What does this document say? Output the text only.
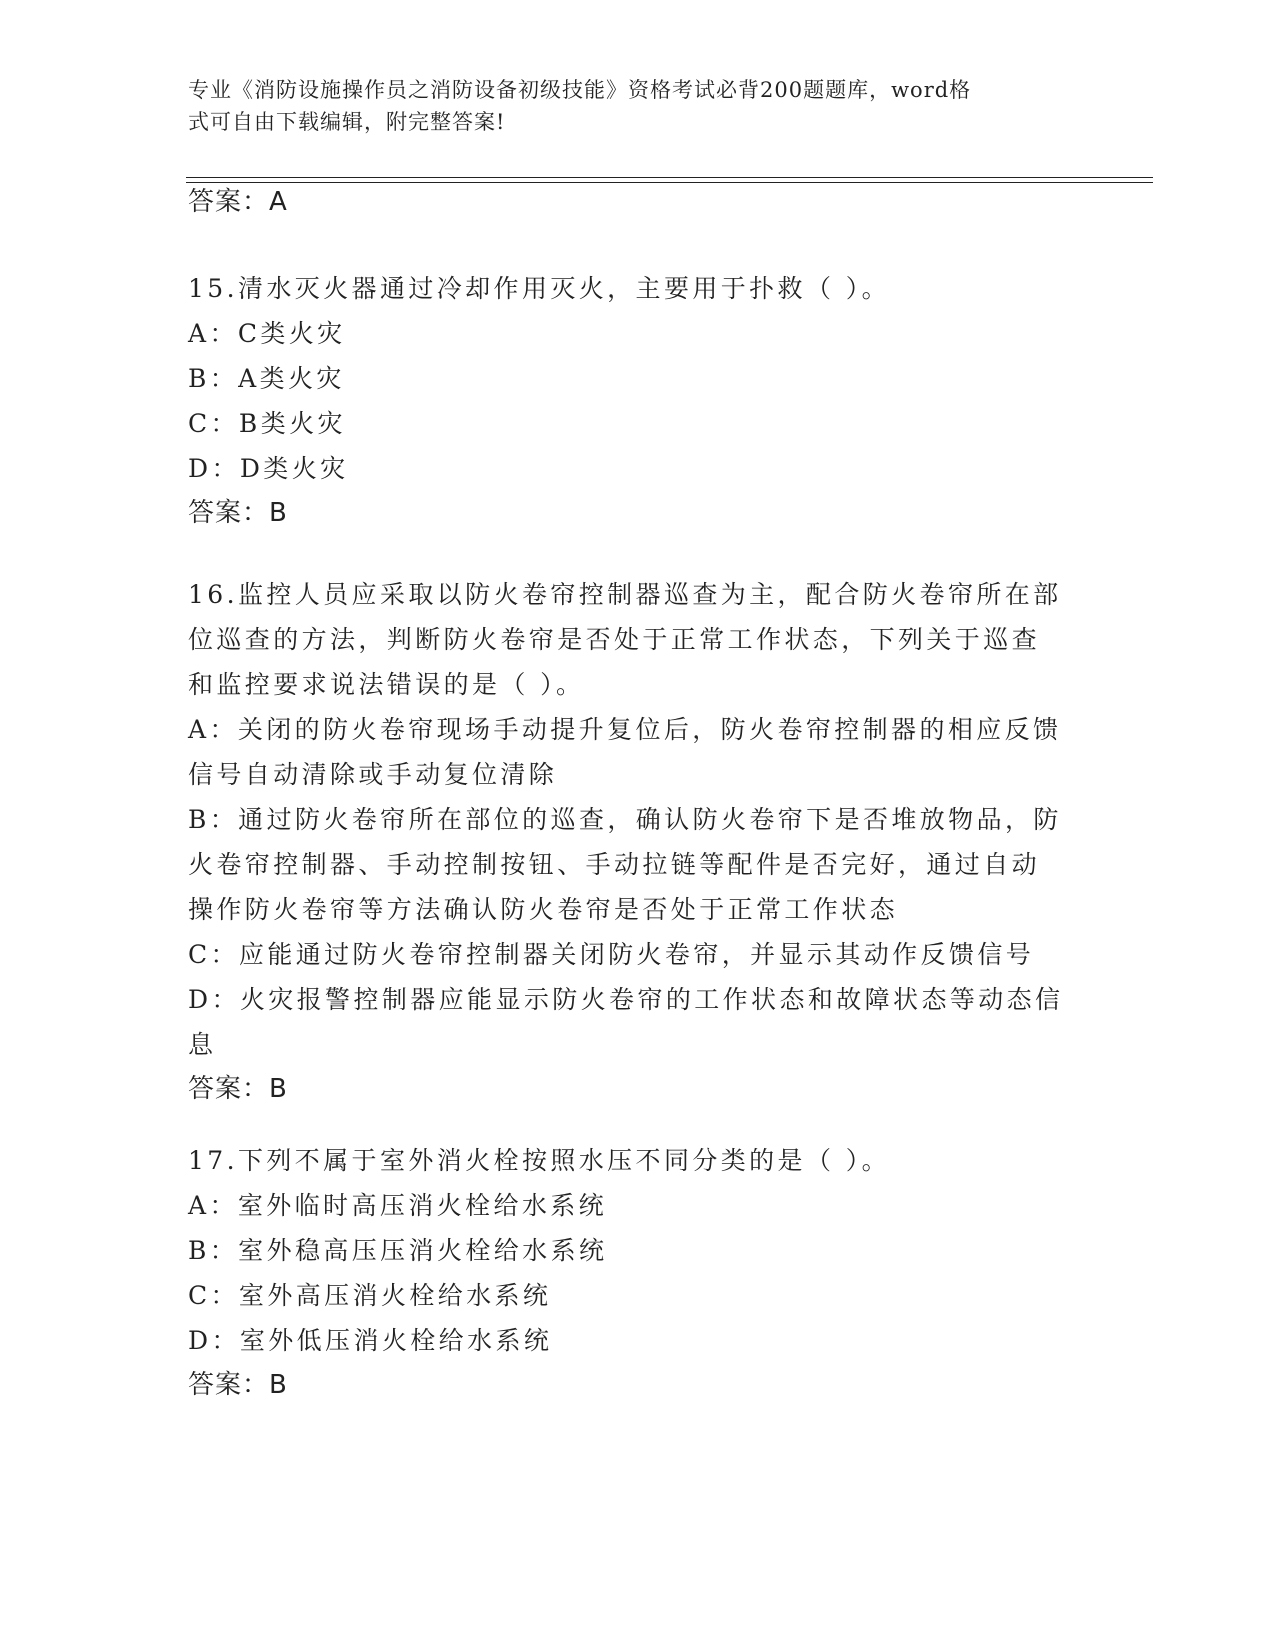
专业《消防设施操作员之消防设备初级技能》资格考试必背200题题库，word格
式可自由下载编辑，附完整答案!
答案：A
15.清水灭火器通过冷却作用灭火，主要用于扑救（ ）。
A：C类火灾
B：A类火灾
C：B类火灾
D：D类火灾
答案：B
16.监控人员应采取以防火卷帘控制器巡查为主，配合防火卷帘所在部
位巡查的方法，判断防火卷帘是否处于正常工作状态，下列关于巡查
和监控要求说法错误的是（ ）。
A：关闭的防火卷帘现场手动提升复位后，防火卷帘控制器的相应反馈
信号自动清除或手动复位清除
B：通过防火卷帘所在部位的巡查，确认防火卷帘下是否堆放物品，防
火卷帘控制器、手动控制按钮、手动拉链等配件是否完好，通过自动
操作防火卷帘等方法确认防火卷帘是否处于正常工作状态
C：应能通过防火卷帘控制器关闭防火卷帘，并显示其动作反馈信号
D：火灾报警控制器应能显示防火卷帘的工作状态和故障状态等动态信
息
答案：B
17.下列不属于室外消火栓按照水压不同分类的是（ ）。
A：室外临时高压消火栓给水系统
B：室外稳高压压消火栓给水系统
C：室外高压消火栓给水系统
D：室外低压消火栓给水系统
答案：B
